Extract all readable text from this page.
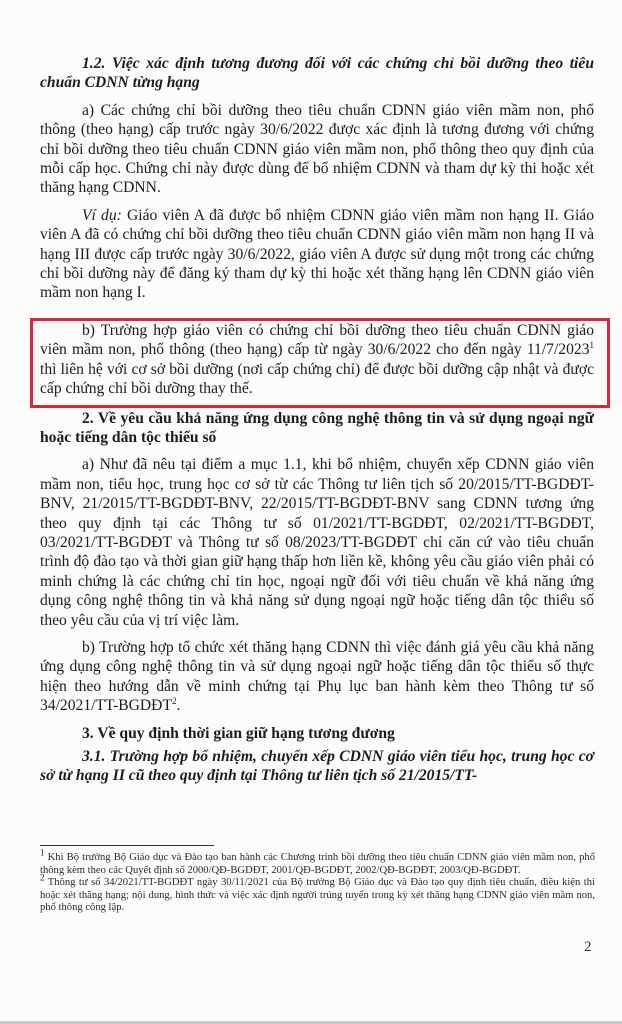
1.2. Việc xác định tương đương đối với các chứng chỉ bồi dưỡng theo tiêu chuẩn CDNN từng hạng

a) Các chứng chỉ bồi dưỡng theo tiêu chuẩn CDNN giáo viên mầm non, phổ thông (theo hạng) cấp trước ngày 30/6/2022 được xác định là tương đương với chứng chỉ bồi dưỡng theo tiêu chuẩn CDNN giáo viên mầm non, phổ thông theo quy định của mỗi cấp học. Chứng chỉ này được dùng để bổ nhiệm CDNN và tham dự kỳ thi hoặc xét thăng hạng CDNN.

Ví dụ: Giáo viên A đã được bổ nhiệm CDNN giáo viên mầm non hạng II. Giáo viên A đã có chứng chỉ bồi dưỡng theo tiêu chuẩn CDNN giáo viên mầm non hạng II và hạng III được cấp trước ngày 30/6/2022, giáo viên A được sử dụng một trong các chứng chỉ bồi dưỡng này để đăng ký tham dự kỳ thi hoặc xét thăng hạng lên CDNN giáo viên mầm non hạng I.

b) Trường hợp giáo viên có chứng chỉ bồi dưỡng theo tiêu chuẩn CDNN giáo viên mầm non, phổ thông (theo hạng) cấp từ ngày 30/6/2022 cho đến ngày 11/7/2023$^1$ thì liên hệ với cơ sở bồi dưỡng (nơi cấp chứng chỉ) để được bồi dưỡng cập nhật và được cấp chứng chỉ bồi dưỡng thay thế.

2. Về yêu cầu khả năng ứng dụng công nghệ thông tin và sử dụng ngoại ngữ hoặc tiếng dân tộc thiểu số

a) Như đã nêu tại điểm a mục 1.1, khi bổ nhiệm, chuyển xếp CDNN giáo viên mầm non, tiểu học, trung học cơ sở từ các Thông tư liên tịch số 20/2015/TT-BGDĐT-BNV, 21/2015/TT-BGDĐT-BNV, 22/2015/TT-BGDĐT-BNV sang CDNN tương ứng theo quy định tại các Thông tư số 01/2021/TT-BGDĐT, 02/2021/TT-BGDĐT, 03/2021/TT-BGDĐT và Thông tư số 08/2023/TT-BGDĐT chỉ căn cứ vào tiêu chuẩn trình độ đào tạo và thời gian giữ hạng thấp hơn liền kề, không yêu cầu giáo viên phải có minh chứng là các chứng chỉ tin học, ngoại ngữ đối với tiêu chuẩn về khả năng ứng dụng công nghệ thông tin và khả năng sử dụng ngoại ngữ hoặc tiếng dân tộc thiểu số theo yêu cầu của vị trí việc làm.

b) Trường hợp tổ chức xét thăng hạng CDNN thì việc đánh giá yêu cầu khả năng ứng dụng công nghệ thông tin và sử dụng ngoại ngữ hoặc tiếng dân tộc thiểu số thực hiện theo hướng dẫn về minh chứng tại Phụ lục ban hành kèm theo Thông tư số 34/2021/TT-BGDĐT$^2$.

3. Về quy định thời gian giữ hạng tương đương

3.1. Trường hợp bổ nhiệm, chuyển xếp CDNN giáo viên tiểu học, trung học cơ sở từ hạng II cũ theo quy định tại Thông tư liên tịch số 21/2015/TT-

$^1$ Khi Bộ trưởng Bộ Giáo dục và Đào tạo ban hành các Chương trình bồi dưỡng theo tiêu chuẩn CDNN giáo viên mầm non, phổ thông kèm theo các Quyết định số 2000/QĐ-BGDĐT, 2001/QĐ-BGDĐT, 2002/QĐ-BGDĐT, 2003/QĐ-BGDĐT.

$^2$ Thông tư số 34/2021/TT-BGDĐT ngày 30/11/2021 của Bộ trưởng Bộ Giáo dục và Đào tạo quy định tiêu chuẩn, điều kiện thi hoặc xét thăng hạng; nội dung, hình thức và việc xác định người trúng tuyển trong kỳ xét thăng hạng CDNN giáo viên mầm non, phổ thông công lập.

2
